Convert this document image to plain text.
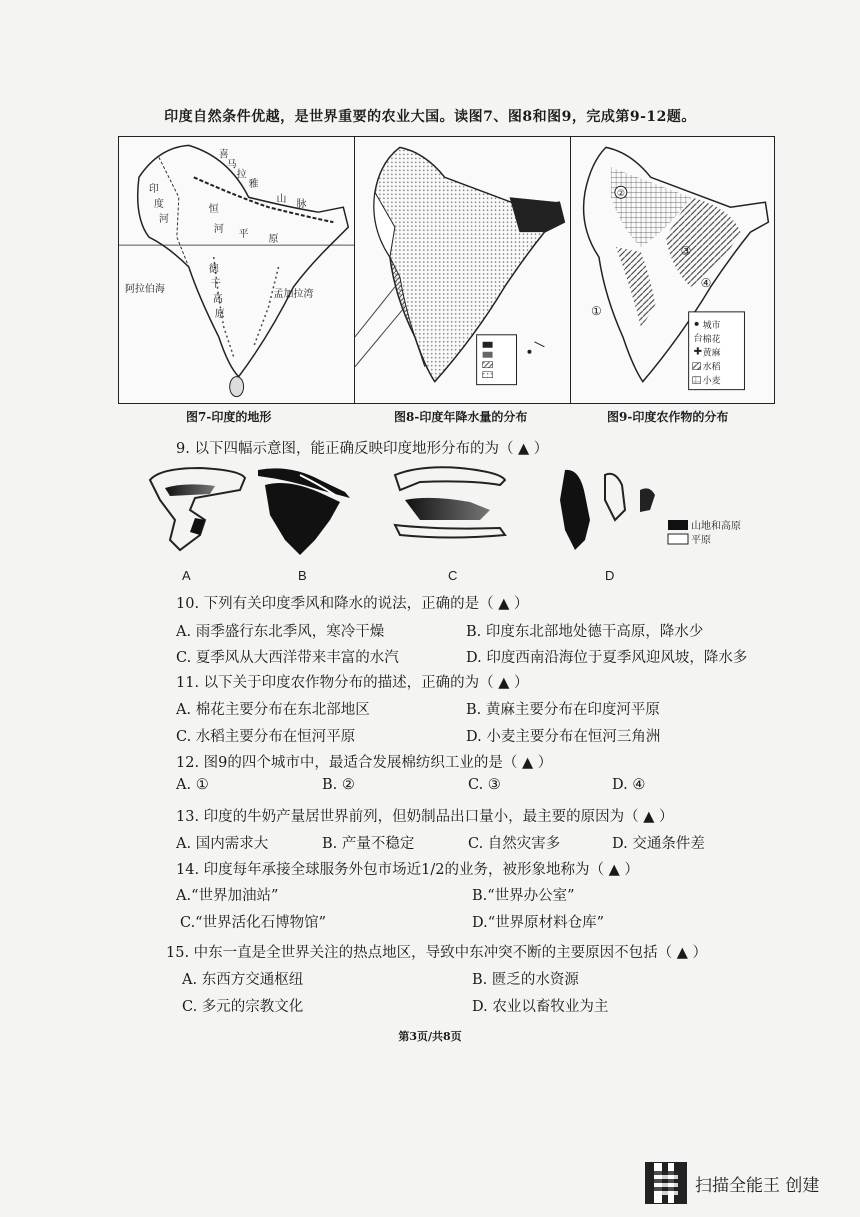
印度自然条件优越，是世界重要的农业大国。读图7、图8和图9，完成第9-12题。
喜
马
拉
雅
山 脉
恒
河 平 原
印
度
河
阿拉伯海
德
干
高
原
孟加拉湾
②
③
④
①
城市
台 棉花
✚ 黄麻
水稻
小麦
图7-印度的地形	图8-印度年降水量的分布	图9-印度农作物的分布
9. 以下四幅示意图，能正确反映印度地形分布的为（ ▲ ）
A	B	C	D
山地和高原
平原
10. 下列有关印度季风和降水的说法，正确的是（ ▲ ）
A. 雨季盛行东北季风，寒冷干燥	B. 印度东北部地处德干高原，降水少
C. 夏季风从大西洋带来丰富的水汽	D. 印度西南沿海位于夏季风迎风坡，降水多
11. 以下关于印度农作物分布的描述，正确的为（ ▲ ）
A. 棉花主要分布在东北部地区	B. 黄麻主要分布在印度河平原
C. 水稻主要分布在恒河平原	D. 小麦主要分布在恒河三角洲
12. 图9的四个城市中，最适合发展棉纺织工业的是（ ▲ ）
A. ①	B. ②	C. ③	D. ④
13. 印度的牛奶产量居世界前列，但奶制品出口量小，最主要的原因为（ ▲ ）
A. 国内需求大	B. 产量不稳定	C. 自然灾害多	D. 交通条件差
14. 印度每年承接全球服务外包市场近1/2的业务，被形象地称为（ ▲ ）
A.“世界加油站”	B.“世界办公室”
C.“世界活化石博物馆”	D.“世界原材料仓库”
15. 中东一直是全世界关注的热点地区，导致中东冲突不断的主要原因不包括（ ▲ ）
A. 东西方交通枢纽	B. 匮乏的水资源
C. 多元的宗教文化	D. 农业以畜牧业为主
第3页/共8页
扫描全能王 创建
